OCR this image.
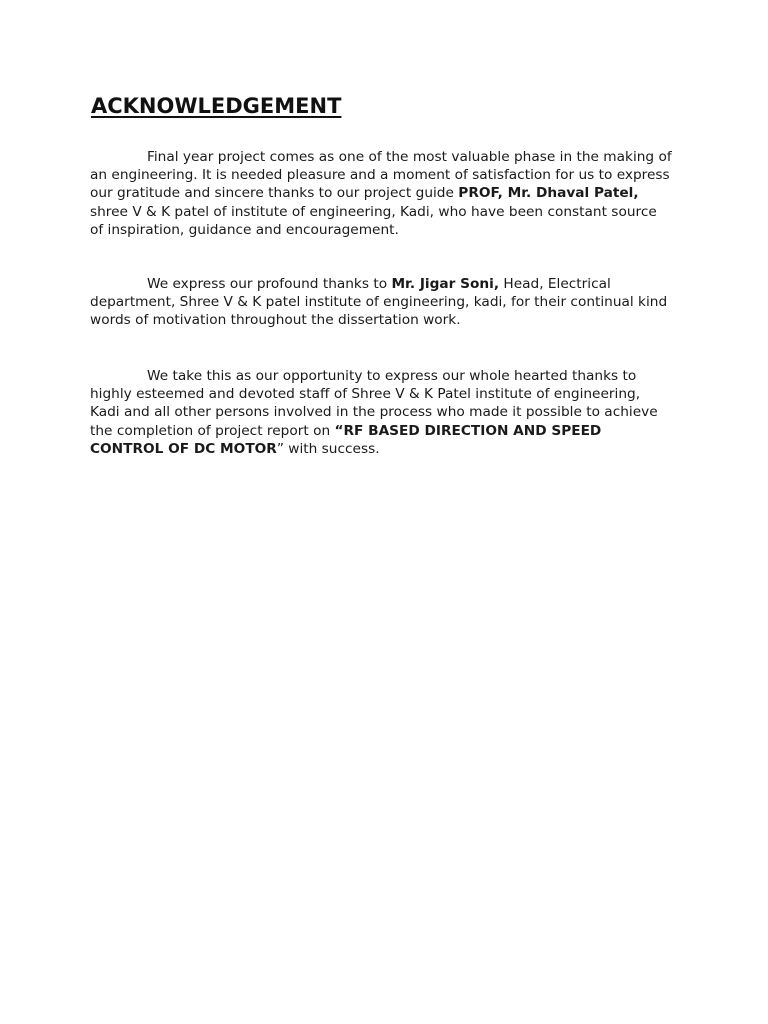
ACKNOWLEDGEMENT

Final year project comes as one of the most valuable phase in the making of
an engineering. It is needed pleasure and a moment of satisfaction for us to express
our gratitude and sincere thanks to our project guide PROF, Mr. Dhaval Patel,
shree V & K patel of institute of engineering, Kadi, who have been constant source
of inspiration, guidance and encouragement.

We express our profound thanks to Mr. Jigar Soni, Head, Electrical
department, Shree V & K patel institute of engineering, kadi, for their continual kind
words of motivation throughout the dissertation work.

We take this as our opportunity to express our whole hearted thanks to
highly esteemed and devoted staff of Shree V & K Patel institute of engineering,
Kadi and all other persons involved in the process who made it possible to achieve
the completion of project report on “RF BASED DIRECTION AND SPEED
CONTROL OF DC MOTOR” with success.
